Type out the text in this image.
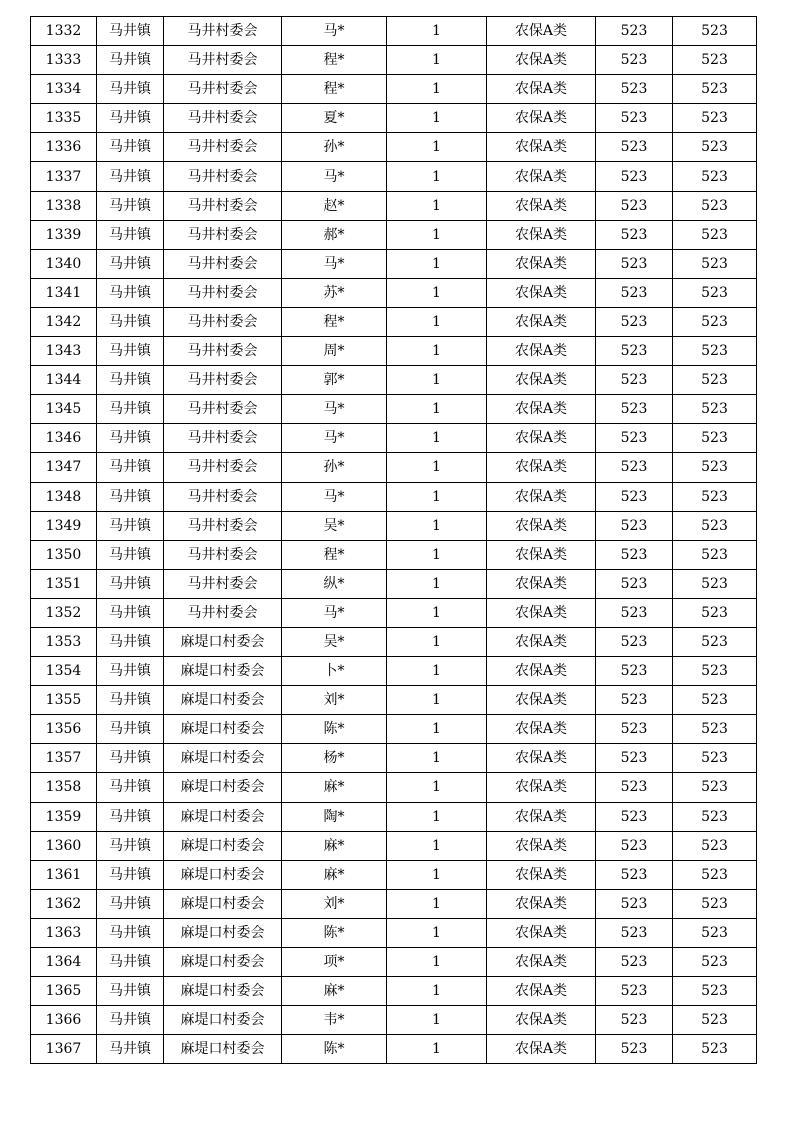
1332	马井镇	马井村委会	马*	1	农保A类	523	523
1333	马井镇	马井村委会	程*	1	农保A类	523	523
1334	马井镇	马井村委会	程*	1	农保A类	523	523
1335	马井镇	马井村委会	夏*	1	农保A类	523	523
1336	马井镇	马井村委会	孙*	1	农保A类	523	523
1337	马井镇	马井村委会	马*	1	农保A类	523	523
1338	马井镇	马井村委会	赵*	1	农保A类	523	523
1339	马井镇	马井村委会	郝*	1	农保A类	523	523
1340	马井镇	马井村委会	马*	1	农保A类	523	523
1341	马井镇	马井村委会	苏*	1	农保A类	523	523
1342	马井镇	马井村委会	程*	1	农保A类	523	523
1343	马井镇	马井村委会	周*	1	农保A类	523	523
1344	马井镇	马井村委会	郭*	1	农保A类	523	523
1345	马井镇	马井村委会	马*	1	农保A类	523	523
1346	马井镇	马井村委会	马*	1	农保A类	523	523
1347	马井镇	马井村委会	孙*	1	农保A类	523	523
1348	马井镇	马井村委会	马*	1	农保A类	523	523
1349	马井镇	马井村委会	吴*	1	农保A类	523	523
1350	马井镇	马井村委会	程*	1	农保A类	523	523
1351	马井镇	马井村委会	纵*	1	农保A类	523	523
1352	马井镇	马井村委会	马*	1	农保A类	523	523
1353	马井镇	麻堤口村委会	吴*	1	农保A类	523	523
1354	马井镇	麻堤口村委会	卜*	1	农保A类	523	523
1355	马井镇	麻堤口村委会	刘*	1	农保A类	523	523
1356	马井镇	麻堤口村委会	陈*	1	农保A类	523	523
1357	马井镇	麻堤口村委会	杨*	1	农保A类	523	523
1358	马井镇	麻堤口村委会	麻*	1	农保A类	523	523
1359	马井镇	麻堤口村委会	陶*	1	农保A类	523	523
1360	马井镇	麻堤口村委会	麻*	1	农保A类	523	523
1361	马井镇	麻堤口村委会	麻*	1	农保A类	523	523
1362	马井镇	麻堤口村委会	刘*	1	农保A类	523	523
1363	马井镇	麻堤口村委会	陈*	1	农保A类	523	523
1364	马井镇	麻堤口村委会	项*	1	农保A类	523	523
1365	马井镇	麻堤口村委会	麻*	1	农保A类	523	523
1366	马井镇	麻堤口村委会	韦*	1	农保A类	523	523
1367	马井镇	麻堤口村委会	陈*	1	农保A类	523	523
